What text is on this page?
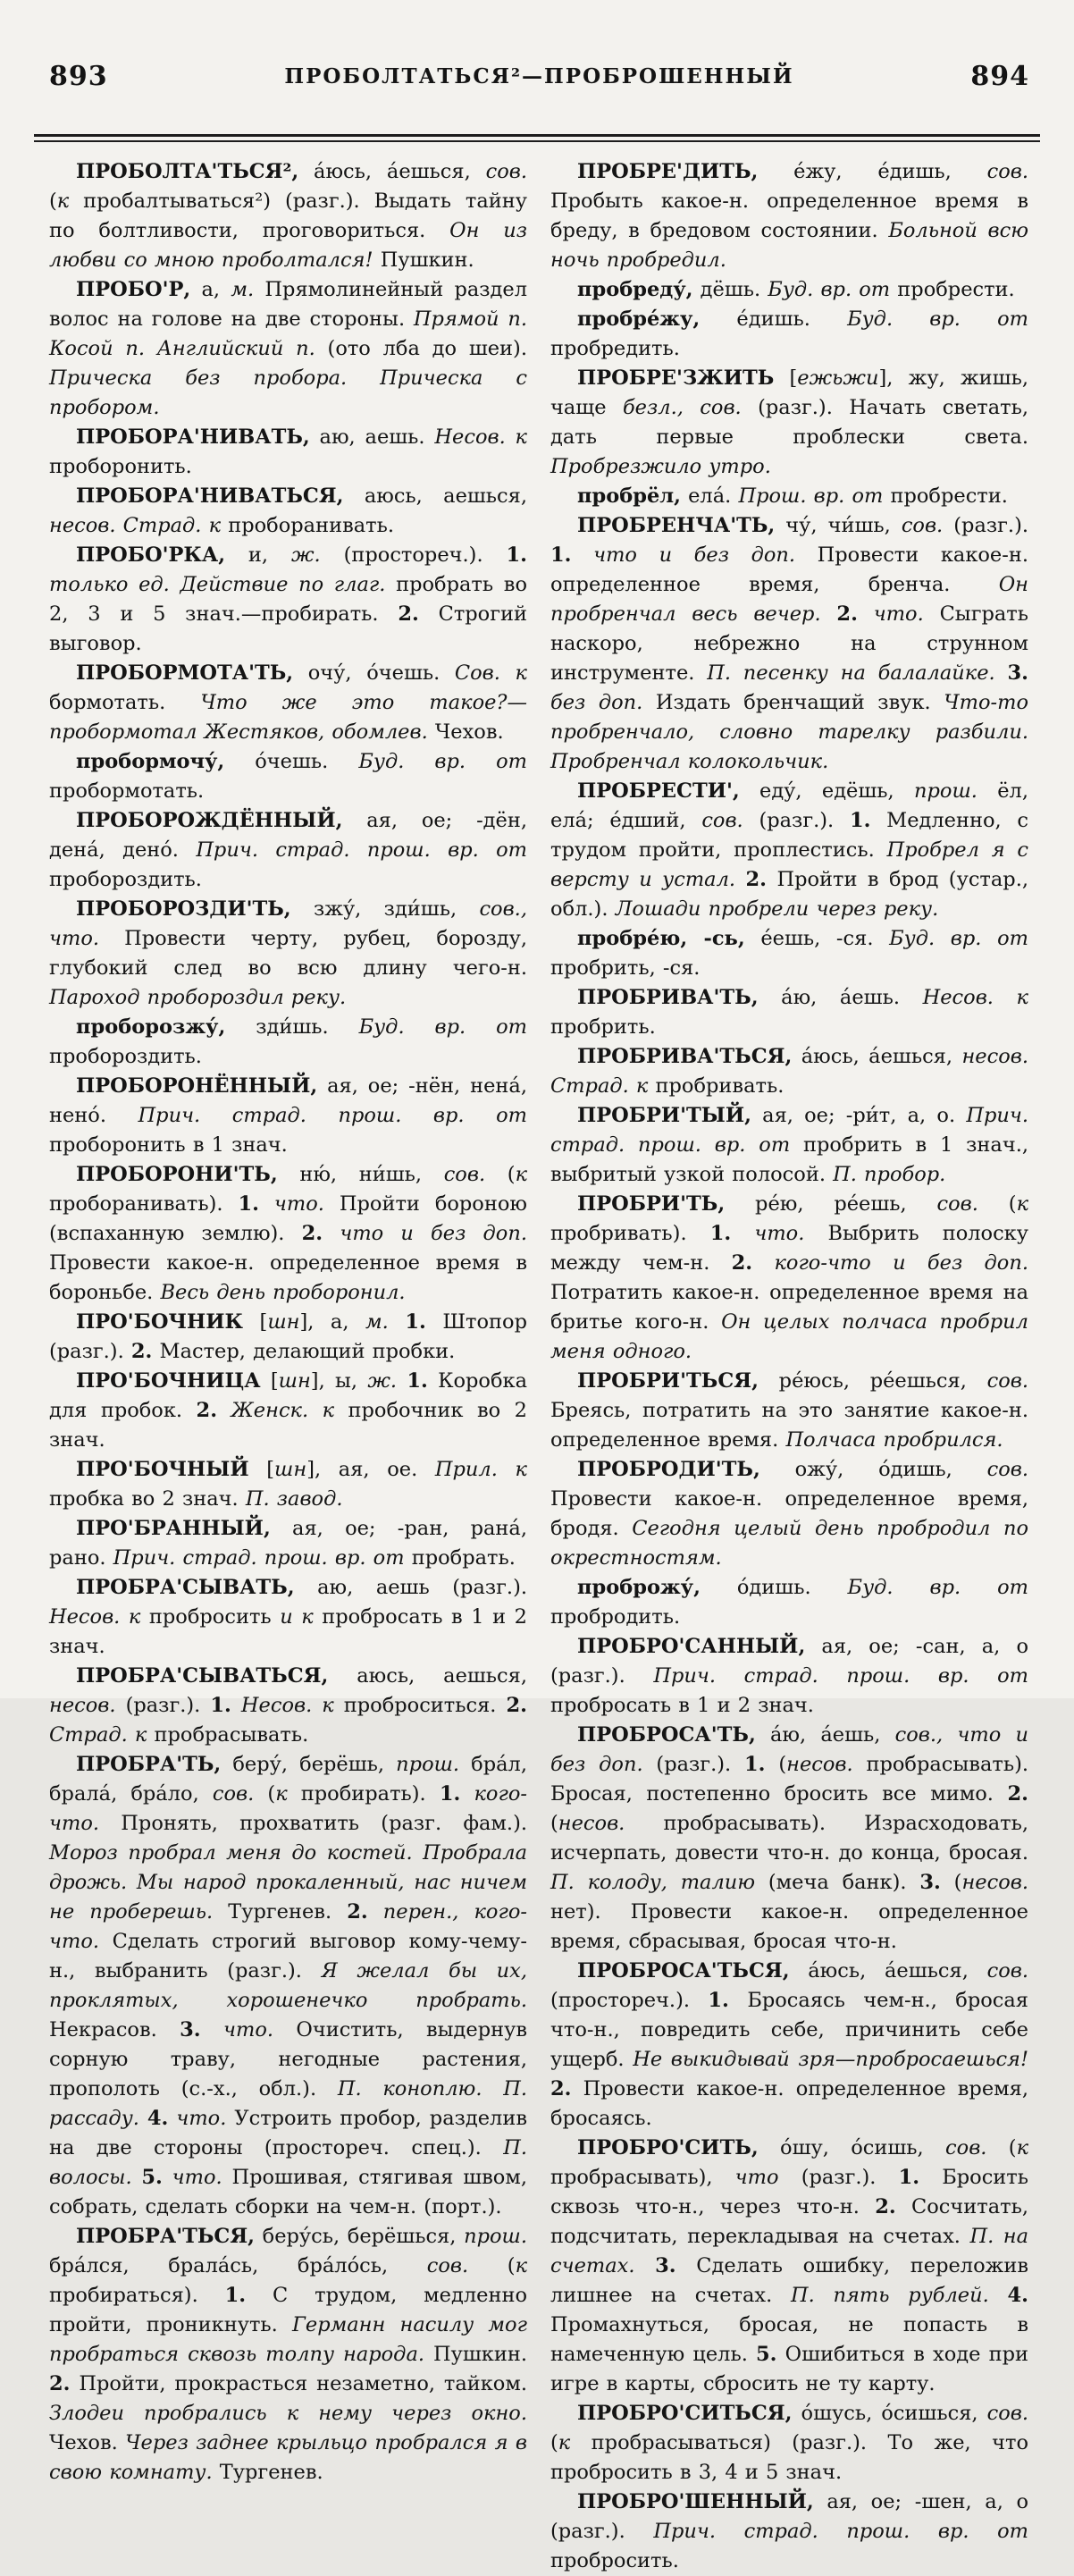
893	ПРОБОЛТАТЬСЯ²—ПРОБРОШЕННЫЙ	894

ПРОБОЛТА'ТЬСЯ², а́юсь, а́ешься, сов. (к пробалтываться²) (разг.). Выдать тайну по болтливости, проговориться. Он из любви со мною проболтался! Пушкин.

ПРОБО'Р, а, м. Прямолинейный раздел волос на голове на две стороны. Прямой п. Косой п. Английский п. (ото лба до шеи). Прическа без пробора. Прическа с пробором.

ПРОБОРА'НИВАТЬ, аю, аешь. Несов. к проборонить.

ПРОБОРА'НИВАТЬСЯ, аюсь, аешься, несов. Страд. к проборанивать.

ПРОБО'РКА, и, ж. (простореч.). 1. только ед. Действие по глаг. пробрать во 2, 3 и 5 знач.—пробирать. 2. Строгий выговор.

ПРОБОРМОТА'ТЬ, очу́, о́чешь. Сов. к бормотать. Что же это такое?—пробормотал Жестяков, обомлев. Чехов.

пробормочу́, о́чешь. Буд. вр. от пробормотать.

ПРОБОРОЖДЁННЫЙ, ая, ое; -дён, дена́, дено́. Прич. страд. прош. вр. от пробороздить.

ПРОБОРОЗДИ'ТЬ, зжу́, зди́шь, сов., что. Провести черту, рубец, борозду, глубокий след во всю длину чего-н. Пароход пробороздил реку.

проборозжу́, зди́шь. Буд. вр. от пробороздить.

ПРОБОРОНЁННЫЙ, ая, ое; -нён, нена́, нено́. Прич. страд. прош. вр. от проборонить в 1 знач.

ПРОБОРОНИ'ТЬ, ню́, ни́шь, сов. (к проборанивать). 1. что. Пройти бороною (вспаханную землю). 2. что и без доп. Провести какое-н. определенное время в бороньбе. Весь день проборонил.

ПРО'БОЧНИК [шн], а, м. 1. Штопор (разг.). 2. Мастер, делающий пробки.

ПРО'БОЧНИЦА [шн], ы, ж. 1. Коробка для пробок. 2. Женск. к пробочник во 2 знач.

ПРО'БОЧНЫЙ [шн], ая, ое. Прил. к пробка во 2 знач. П. завод.

ПРО'БРАННЫЙ, ая, ое; -ран, рана́, рано. Прич. страд. прош. вр. от пробрать.

ПРОБРА'СЫВАТЬ, аю, аешь (разг.). Несов. к пробросить и к пробросать в 1 и 2 знач.

ПРОБРА'СЫВАТЬСЯ, аюсь, аешься, несов. (разг.). 1. Несов. к проброситься. 2. Страд. к пробрасывать.

ПРОБРА'ТЬ, беру́, берёшь, прош. бра́л, брала́, бра́ло, сов. (к пробирать). 1. кого-что. Пронять, прохватить (разг. фам.). Мороз пробрал меня до костей. Пробрала дрожь. Мы народ прокаленный, нас ничем не проберешь. Тургенев. 2. перен., кого-что. Сделать строгий выговор кому-чему-н., выбранить (разг.). Я желал бы их, проклятых, хорошенечко пробрать. Некрасов. 3. что. Очистить, выдернув сорную траву, негодные растения, прополоть (с.-х., обл.). П. коноплю. П. рассаду. 4. что. Устроить пробор, разделив на две стороны (простореч. спец.). П. волосы. 5. что. Прошивая, стягивая швом, собрать, сделать сборки на чем-н. (порт.).

ПРОБРА'ТЬСЯ, беру́сь, берёшься, прош. бра́лся, брала́сь, бра́ло́сь, сов. (к пробираться). 1. С трудом, медленно пройти, проникнуть. Германн насилу мог пробраться сквозь толпу народа. Пушкин. 2. Пройти, прокрасться незаметно, тайком. Злодеи пробрались к нему через окно. Чехов. Через заднее крыльцо пробрался я в свою комнату. Тургенев.

ПРОБРЕ'ДИТЬ, е́жу, е́дишь, сов. Пробыть какое-н. определенное время в бреду, в бредовом состоянии. Больной всю ночь пробредил.

пробреду́, дёшь. Буд. вр. от пробрести.

пробре́жу, е́дишь. Буд. вр. от пробредить.

ПРОБРЕ'ЗЖИТЬ [ежьжи], жу, жишь, чаще безл., сов. (разг.). Начать светать, дать первые проблески света. Пробрезжило утро.

пробрёл, ела́. Прош. вр. от пробрести.

ПРОБРЕНЧА'ТЬ, чу́, чи́шь, сов. (разг.). 1. что и без доп. Провести какое-н. определенное время, бренча. Он пробренчал весь вечер. 2. что. Сыграть наскоро, небрежно на струнном инструменте. П. песенку на балалайке. 3. без доп. Издать бренчащий звук. Что-то пробренчало, словно тарелку разбили. Пробренчал колокольчик.

ПРОБРЕСТИ', еду́, едёшь, прош. ёл, ела́; е́дший, сов. (разг.). 1. Медленно, с трудом пройти, проплестись. Пробрел я с версту и устал. 2. Пройти в брод (устар., обл.). Лошади пробрели через реку.

пробре́ю, -сь, е́ешь, -ся. Буд. вр. от пробрить, -ся.

ПРОБРИВА'ТЬ, а́ю, а́ешь. Несов. к пробрить.

ПРОБРИВА'ТЬСЯ, а́юсь, а́ешься, несов. Страд. к пробривать.

ПРОБРИ'ТЫЙ, ая, ое; -ри́т, а, о. Прич. страд. прош. вр. от пробрить в 1 знач., выбритый узкой полосой. П. пробор.

ПРОБРИ'ТЬ, ре́ю, ре́ешь, сов. (к пробривать). 1. что. Выбрить полоску между чем-н. 2. кого-что и без доп. Потратить какое-н. определенное время на бритье кого-н. Он целых полчаса пробрил меня одного.

ПРОБРИ'ТЬСЯ, ре́юсь, ре́ешься, сов. Бреясь, потратить на это занятие какое-н. определенное время. Полчаса пробрился.

ПРОБРОДИ'ТЬ, ожу́, о́дишь, сов. Провести какое-н. определенное время, бродя. Сегодня целый день пробродил по окрестностям.

проброжу́, о́дишь. Буд. вр. от пробродить.

ПРОБРО'САННЫЙ, ая, ое; -сан, а, о (разг.). Прич. страд. прош. вр. от пробросать в 1 и 2 знач.

ПРОБРОСА'ТЬ, а́ю, а́ешь, сов., что и без доп. (разг.). 1. (несов. пробрасывать). Бросая, постепенно бросить все мимо. 2. (несов. пробрасывать). Израсходовать, исчерпать, довести что-н. до конца, бросая. П. колоду, талию (меча банк). 3. (несов. нет). Провести какое-н. определенное время, сбрасывая, бросая что-н.

ПРОБРОСА'ТЬСЯ, а́юсь, а́ешься, сов. (простореч.). 1. Бросаясь чем-н., бросая что-н., повредить себе, причинить себе ущерб. Не выкидывай зря—пробросаешься! 2. Провести какое-н. определенное время, бросаясь.

ПРОБРО'СИТЬ, о́шу, о́сишь, сов. (к пробрасывать), что (разг.). 1. Бросить сквозь что-н., через что-н. 2. Сосчитать, подсчитать, перекладывая на счетах. П. на счетах. 3. Сделать ошибку, переложив лишнее на счетах. П. пять рублей. 4. Промахнуться, бросая, не попасть в намеченную цель. 5. Ошибиться в ходе при игре в карты, сбросить не ту карту.

ПРОБРО'СИТЬСЯ, о́шусь, о́сишься, сов. (к пробрасываться) (разг.). То же, что пробросить в 3, 4 и 5 знач.

ПРОБРО'ШЕННЫЙ, ая, ое; -шен, а, о (разг.). Прич. страд. прош. вр. от пробросить.
